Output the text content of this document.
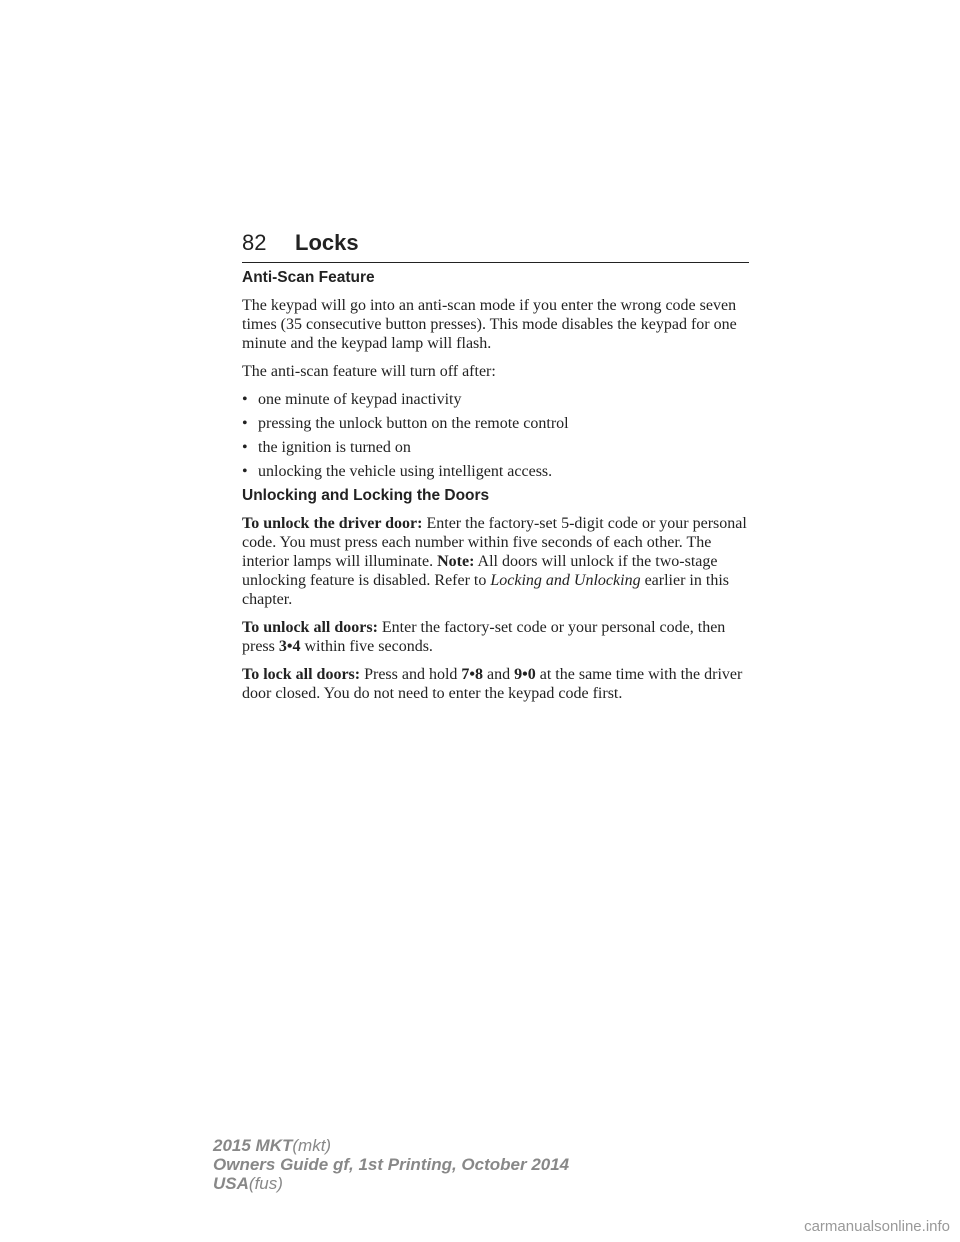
82 Locks
Anti-Scan Feature

The keypad will go into an anti-scan mode if you enter the wrong code seven times (35 consecutive button presses). This mode disables the keypad for one minute and the keypad lamp will flash.

The anti-scan feature will turn off after:

• one minute of keypad inactivity
• pressing the unlock button on the remote control
• the ignition is turned on
• unlocking the vehicle using intelligent access.
Unlocking and Locking the Doors

To unlock the driver door: Enter the factory-set 5-digit code or your personal code. You must press each number within five seconds of each other. The interior lamps will illuminate. Note: All doors will unlock if the two-stage unlocking feature is disabled. Refer to Locking and Unlocking earlier in this chapter.

To unlock all doors: Enter the factory-set code or your personal code, then press 3•4 within five seconds.

To lock all doors: Press and hold 7•8 and 9•0 at the same time with the driver door closed. You do not need to enter the keypad code first.

2015 MKT(mkt)
Owners Guide gf, 1st Printing, October 2014
USA(fus)
carmanualsonline.info
